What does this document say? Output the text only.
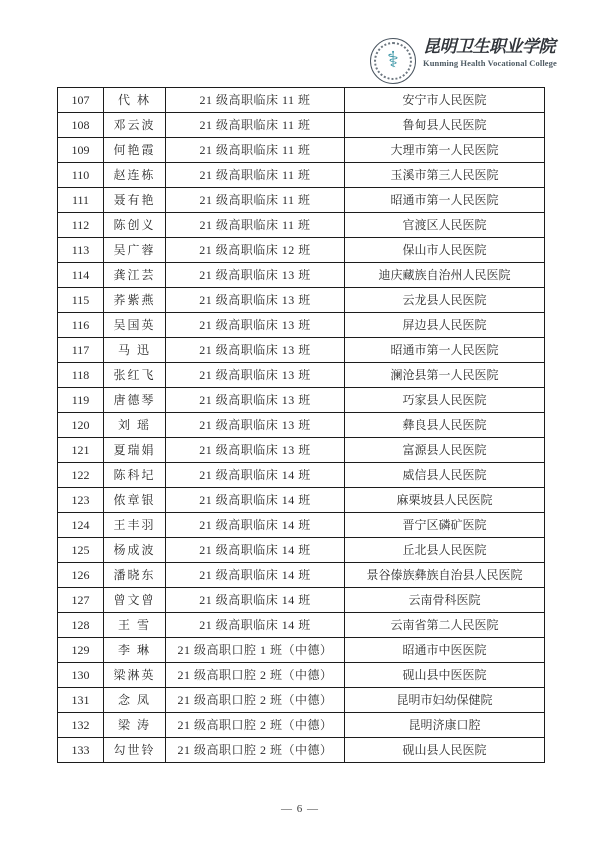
⚕
昆明卫生职业学院
Kunming Health Vocational College
107	代 林	21 级高职临床 11 班	安宁市人民医院
108	邓云波	21 级高职临床 11 班	鲁甸县人民医院
109	何艳霞	21 级高职临床 11 班	大理市第一人民医院
110	赵连栋	21 级高职临床 11 班	玉溪市第三人民医院
111	聂有艳	21 级高职临床 11 班	昭通市第一人民医院
112	陈创义	21 级高职临床 11 班	官渡区人民医院
113	吴广蓉	21 级高职临床 12 班	保山市人民医院
114	龚江芸	21 级高职临床 13 班	迪庆藏族自治州人民医院
115	荞紫燕	21 级高职临床 13 班	云龙县人民医院
116	吴国英	21 级高职临床 13 班	屏边县人民医院
117	马 迅	21 级高职临床 13 班	昭通市第一人民医院
118	张红飞	21 级高职临床 13 班	澜沧县第一人民医院
119	唐德琴	21 级高职临床 13 班	巧家县人民医院
120	刘 瑶	21 级高职临床 13 班	彝良县人民医院
121	夏瑞娟	21 级高职临床 13 班	富源县人民医院
122	陈科圮	21 级高职临床 14 班	威信县人民医院
123	侬章银	21 级高职临床 14 班	麻栗坡县人民医院
124	王丰羽	21 级高职临床 14 班	晋宁区磷矿医院
125	杨成波	21 级高职临床 14 班	丘北县人民医院
126	潘晓东	21 级高职临床 14 班	景谷傣族彝族自治县人民医院
127	曾文曾	21 级高职临床 14 班	云南骨科医院
128	王 雪	21 级高职临床 14 班	云南省第二人民医院
129	李 琳	21 级高职口腔 1 班（中德）	昭通市中医医院
130	梁淋英	21 级高职口腔 2 班（中德）	砚山县中医医院
131	念 凤	21 级高职口腔 2 班（中德）	昆明市妇幼保健院
132	梁 涛	21 级高职口腔 2 班（中德）	昆明济康口腔
133	勾世铃	21 级高职口腔 2 班（中德）	砚山县人民医院
— 6 —
